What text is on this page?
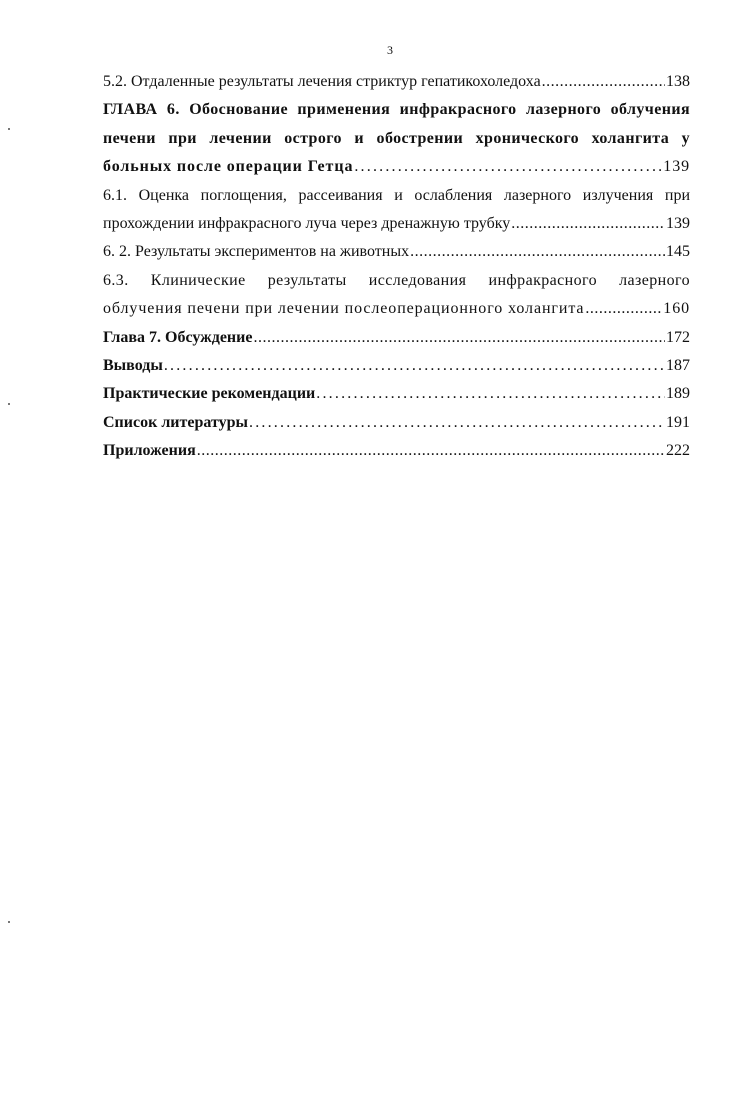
3
5.2. Отдаленные результаты лечения стриктур гепатикохоледоха .....	138
ГЛАВА 6. Обоснование применения инфракрасного лазерного облучения
печени при лечении острого и обострении хронического холангита у
больных после операции Гетца .....	139
6.1. Оценка поглощения, рассеивания и ослабления лазерного излучения при
прохождении инфракрасного луча через дренажную трубку .....	139
6. 2. Результаты экспериментов на животных .....	145
6.3. Клинические результаты исследования инфракрасного лазерного
облучения печени при лечении послеоперационного холангита .....	160
Глава 7. Обсуждение .....	172
Выводы .....	187
Практические рекомендации .....	189
Список литературы .....	191
Приложения .....	222
